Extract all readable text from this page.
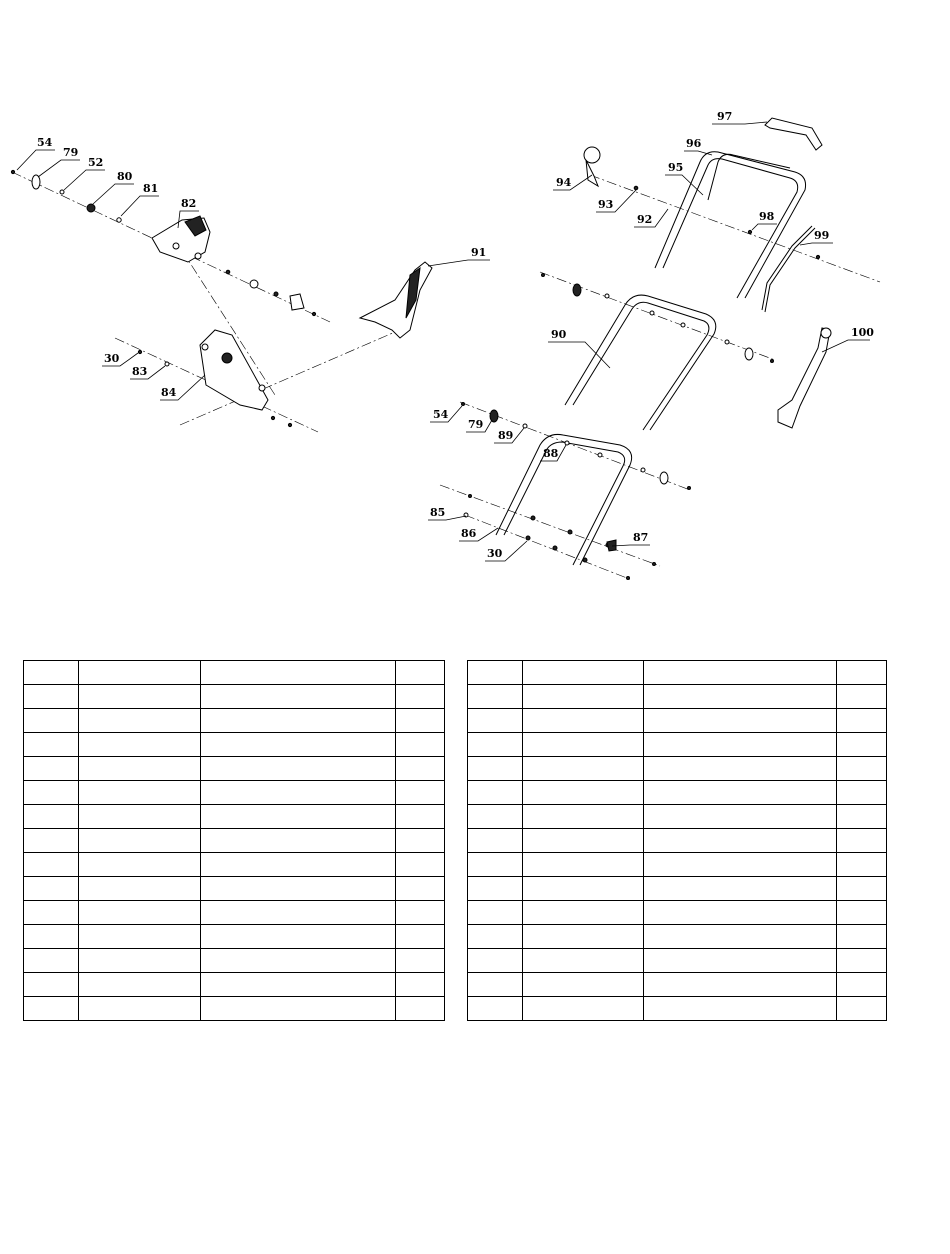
54
79
52
80
81
82
91
30
83
84
97
96
95
94
93
92	98
99
90	100
54
79
89
88
85
86	87
30
